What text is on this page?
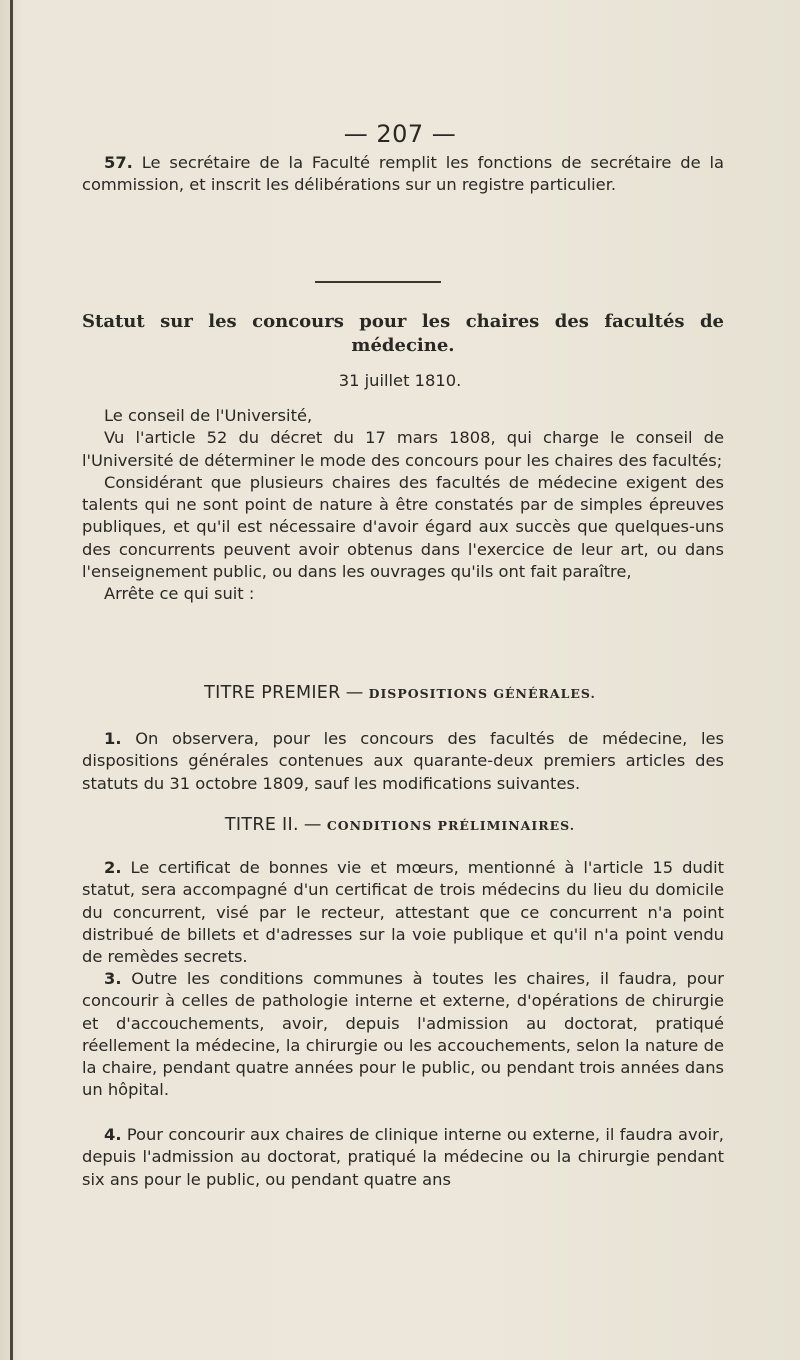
— 207 —
57. Le secrétaire de la Faculté remplit les fonctions de secrétaire de la commission, et inscrit les délibérations sur un registre particulier.
Statut sur les concours pour les chaires des facultés de
médecine.
31 juillet 1810.
Le conseil de l'Université,
Vu l'article 52 du décret du 17 mars 1808, qui charge le conseil de l'Université de déterminer le mode des concours pour les chaires des facultés;
Considérant que plusieurs chaires des facultés de médecine exigent des talents qui ne sont point de nature à être constatés par de simples épreuves publiques, et qu'il est nécessaire d'avoir égard aux succès que quelques-uns des concurrents peuvent avoir obtenus dans l'exercice de leur art, ou dans l'enseignement public, ou dans les ouvrages qu'ils ont fait paraître,
Arrête ce qui suit :
TITRE PREMIER — DISPOSITIONS GÉNÉRALES.
1. On observera, pour les concours des facultés de médecine, les dispositions générales contenues aux quarante-deux premiers articles des statuts du 31 octobre 1809, sauf les modifications suivantes.
TITRE II. — CONDITIONS PRÉLIMINAIRES.
2. Le certificat de bonnes vie et mœurs, mentionné à l'article 15 dudit statut, sera accompagné d'un certificat de trois médecins du lieu du domicile du concurrent, visé par le recteur, attestant que ce concurrent n'a point distribué de billets et d'adresses sur la voie publique et qu'il n'a point vendu de remèdes secrets.
3. Outre les conditions communes à toutes les chaires, il faudra, pour concourir à celles de pathologie interne et externe, d'opérations de chirurgie et d'accouchements, avoir, depuis l'admission au doctorat, pratiqué réellement la médecine, la chirurgie ou les accouchements, selon la nature de la chaire, pendant quatre années pour le public, ou pendant trois années dans un hôpital.
4. Pour concourir aux chaires de clinique interne ou externe, il faudra avoir, depuis l'admission au doctorat, pratiqué la médecine ou la chirurgie pendant six ans pour le public, ou pendant quatre ans
